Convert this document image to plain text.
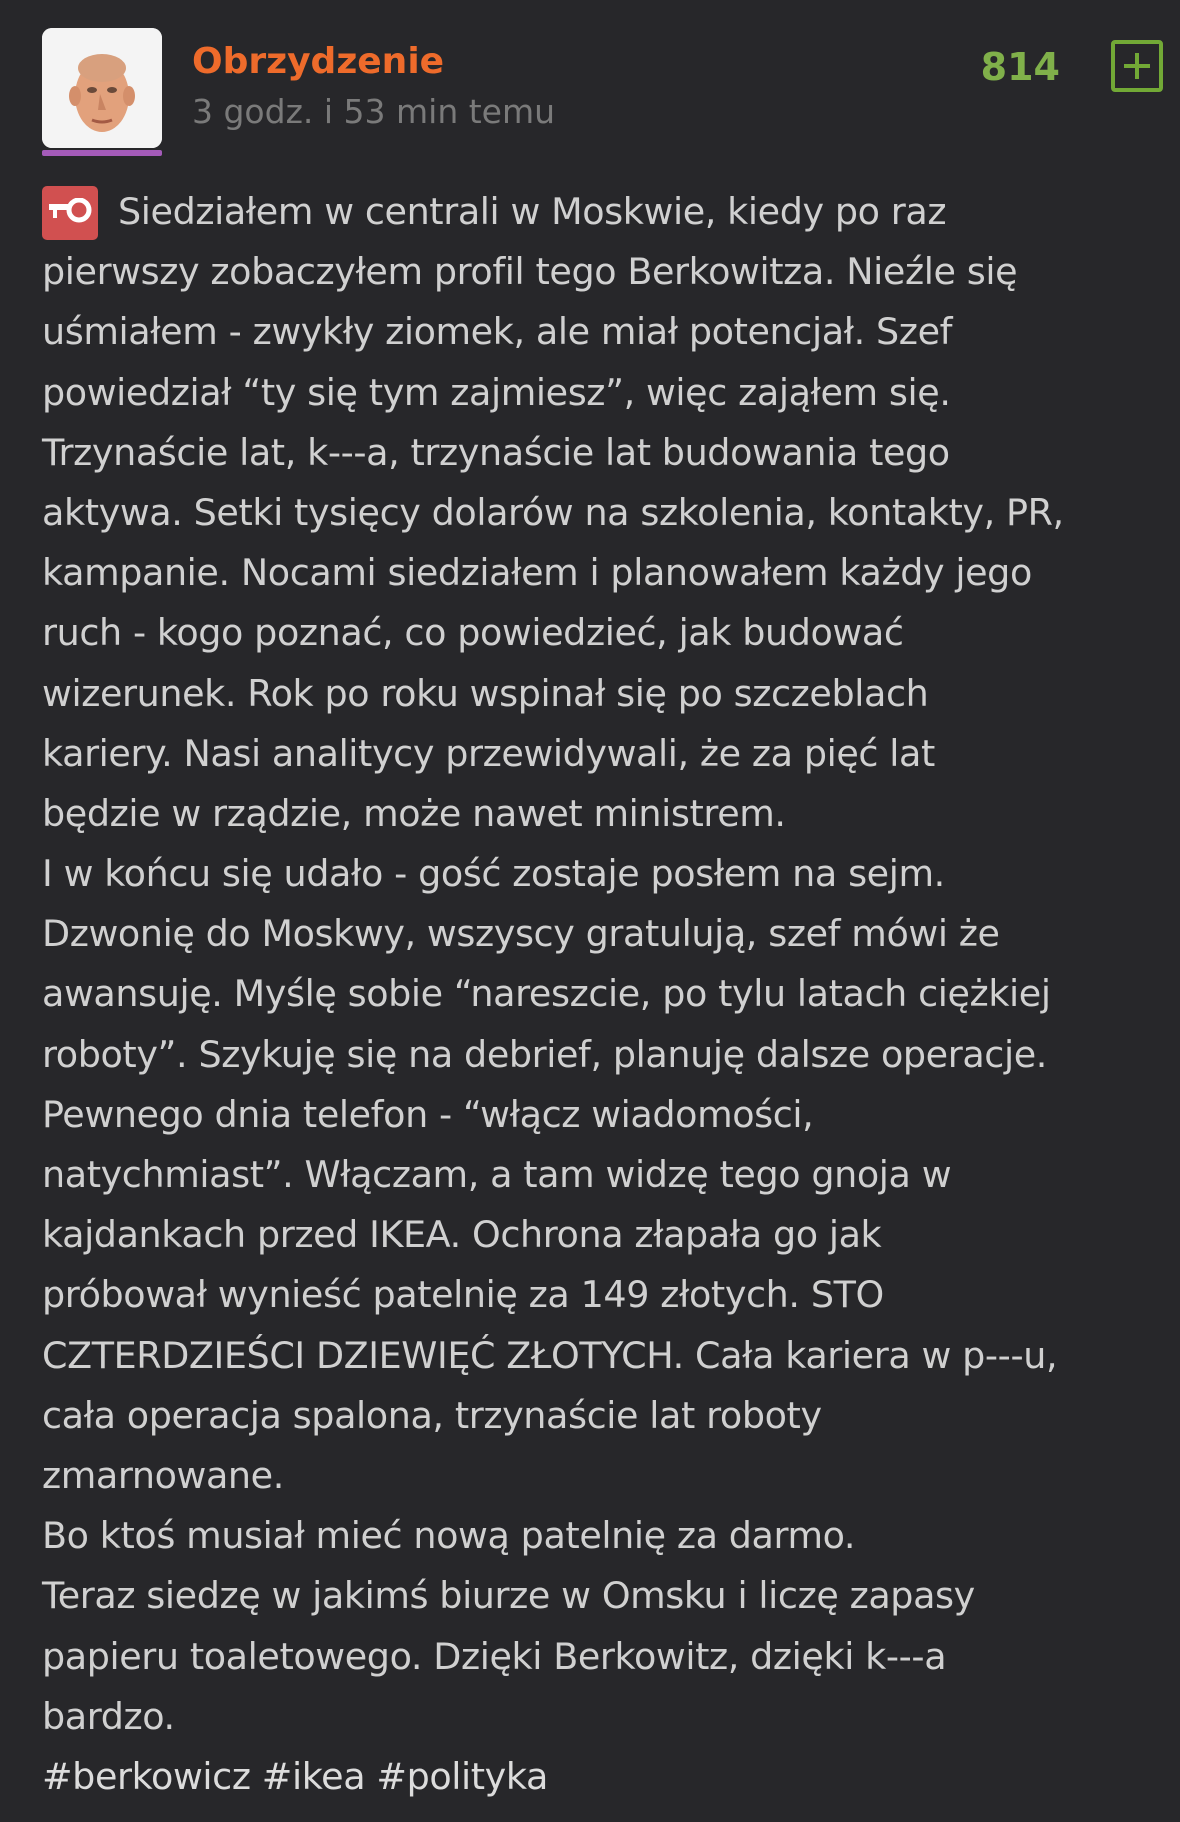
Obrzydzenie
3 godz. i 53 min temu
814
Siedziałem w centrali w Moskwie, kiedy po raz
pierwszy zobaczyłem profil tego Berkowitza. Nieźle się
uśmiałem - zwykły ziomek, ale miał potencjał. Szef
powiedział “ty się tym zajmiesz”, więc zająłem się.
Trzynaście lat, k---a, trzynaście lat budowania tego
aktywa. Setki tysięcy dolarów na szkolenia, kontakty, PR,
kampanie. Nocami siedziałem i planowałem każdy jego
ruch - kogo poznać, co powiedzieć, jak budować
wizerunek. Rok po roku wspinał się po szczeblach
kariery. Nasi analitycy przewidywali, że za pięć lat
będzie w rządzie, może nawet ministrem.
I w końcu się udało - gość zostaje posłem na sejm.
Dzwonię do Moskwy, wszyscy gratulują, szef mówi że
awansuję. Myślę sobie “nareszcie, po tylu latach ciężkiej
roboty”. Szykuję się na debrief, planuję dalsze operacje.
Pewnego dnia telefon - “włącz wiadomości,
natychmiast”. Włączam, a tam widzę tego gnoja w
kajdankach przed IKEA. Ochrona złapała go jak
próbował wynieść patelnię za 149 złotych. STO
CZTERDZIEŚCI DZIEWIĘĆ ZŁOTYCH. Cała kariera w p---u,
cała operacja spalona, trzynaście lat roboty
zmarnowane.
Bo ktoś musiał mieć nową patelnię za darmo.
Teraz siedzę w jakimś biurze w Omsku i liczę zapasy
papieru toaletowego. Dzięki Berkowitz, dzięki k---a
bardzo.
#berkowicz #ikea #polityka
